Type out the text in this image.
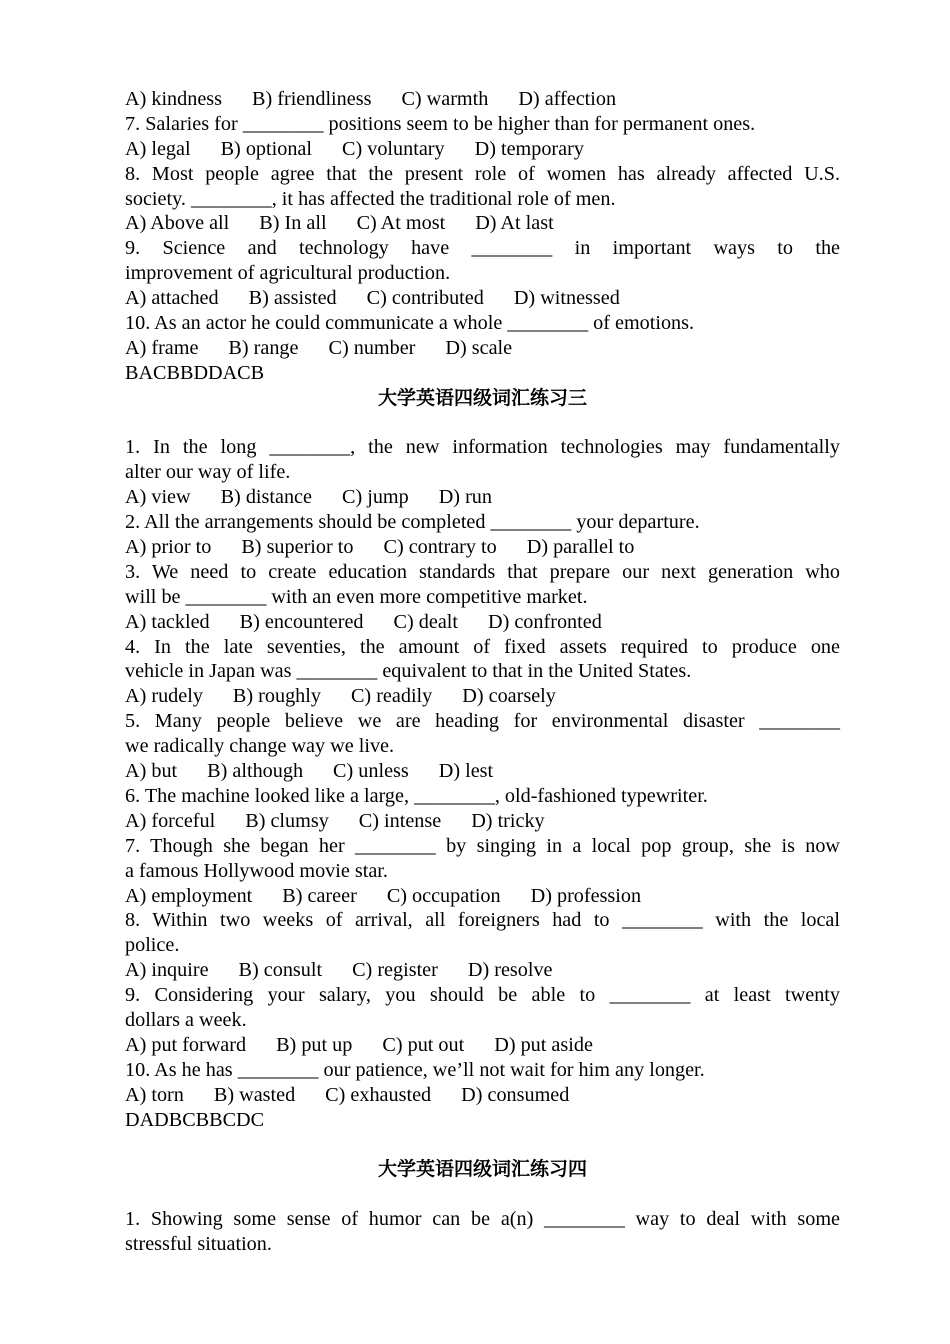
A) kindness B) friendliness C) warmth D) affection
7. Salaries for ________ positions seem to be higher than for permanent ones.
A) legal B) optional C) voluntary D) temporary
8. Most people agree that the present role of women has already affected U.S.
society. ________, it has affected the traditional role of men.
A) Above all B) In all C) At most D) At last
9. Science and technology have ________ in important ways to the
improvement of agricultural production.
A) attached B) assisted C) contributed D) witnessed
10. As an actor he could communicate a whole ________ of emotions.
A) frame B) range C) number D) scale
BACBBDDACB
大学英语四级词汇练习三
1. In the long ________, the new information technologies may fundamentally
alter our way of life.
A) view B) distance C) jump D) run
2. All the arrangements should be completed ________ your departure.
A) prior to B) superior to C) contrary to D) parallel to
3. We need to create education standards that prepare our next generation who
will be ________ with an even more competitive market.
A) tackled B) encountered C) dealt D) confronted
4. In the late seventies, the amount of fixed assets required to produce one
vehicle in Japan was ________ equivalent to that in the United States.
A) rudely B) roughly C) readily D) coarsely
5. Many people believe we are heading for environmental disaster ________
we radically change way we live.
A) but B) although C) unless D) lest
6. The machine looked like a large, ________, old-fashioned typewriter.
A) forceful B) clumsy C) intense D) tricky
7. Though she began her ________ by singing in a local pop group, she is now
a famous Hollywood movie star.
A) employment B) career C) occupation D) profession
8. Within two weeks of arrival, all foreigners had to ________ with the local
police.
A) inquire B) consult C) register D) resolve
9. Considering your salary, you should be able to ________ at least twenty
dollars a week.
A) put forward B) put up C) put out D) put aside
10. As he has ________ our patience, we’ll not wait for him any longer.
A) torn B) wasted C) exhausted D) consumed
DADBCBBCDC
大学英语四级词汇练习四
1. Showing some sense of humor can be a(n) ________ way to deal with some
stressful situation.
